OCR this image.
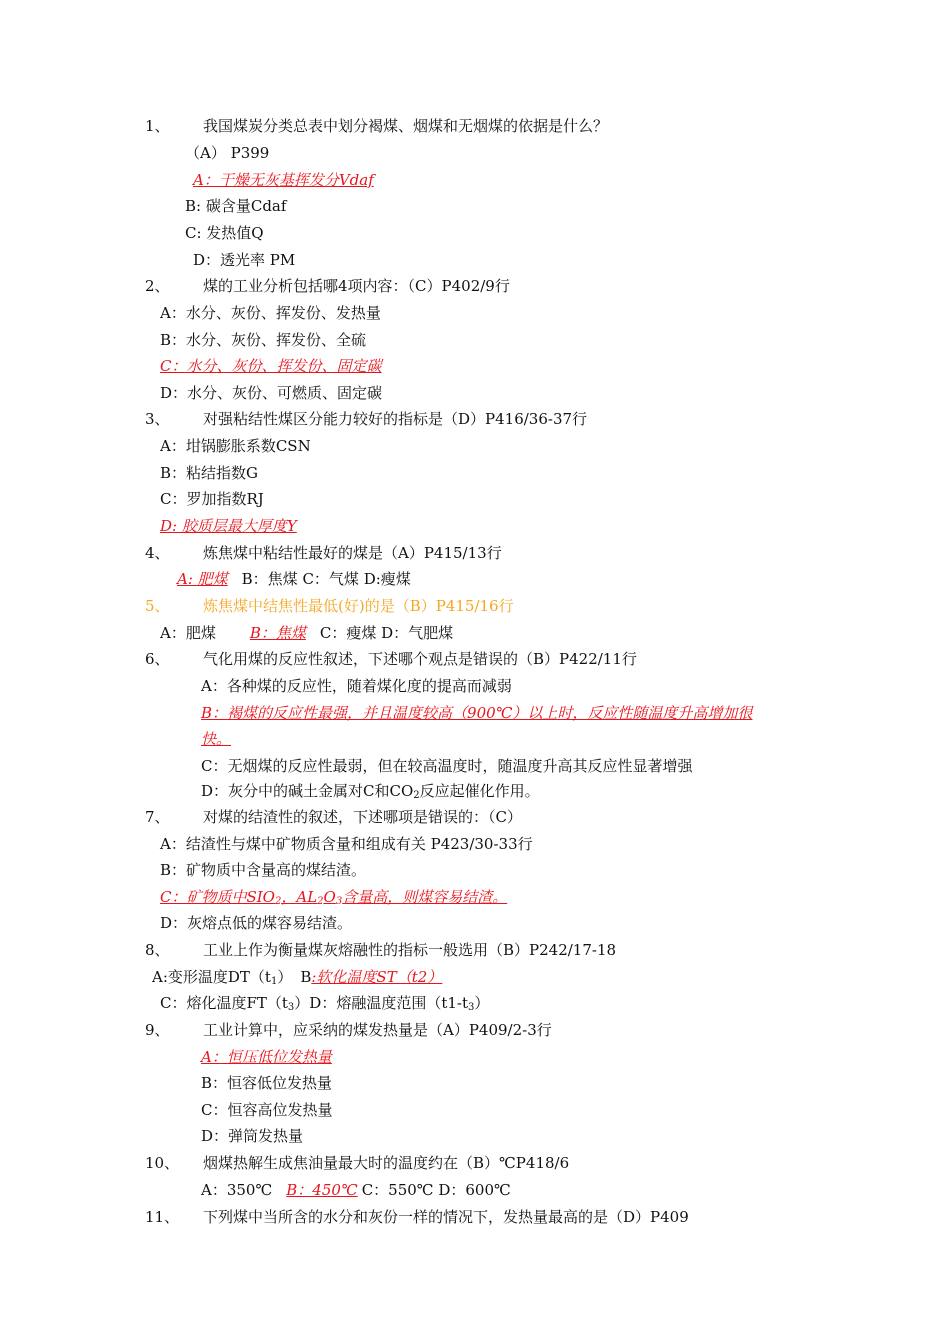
1、 我国煤炭分类总表中划分褐煤、烟煤和无烟煤的依据是什么？
（A） P399
A：干燥无灰基挥发分Vdaf
B: 碳含量Cdaf
C: 发热值Q
D：透光率 PM
2、 煤的工业分析包括哪4项内容：（C）P402/9行
A：水分、灰份、挥发份、发热量
B：水分、灰份、挥发份、全硫
C：水分、灰份、挥发份、固定碳
D：水分、灰份、可燃质、固定碳
3、 对强粘结性煤区分能力较好的指标是（D）P416/36-37行
A：坩锅膨胀系数CSN
B：粘结指数G
C：罗加指数RJ
D: 胶质层最大厚度Y
4、 炼焦煤中粘结性最好的煤是（A）P415/13行
A: 肥煤 B：焦煤 C：气煤 D:瘦煤
5、 炼焦煤中结焦性最低(好)的是（B）P415/16行
A：肥煤 B：焦煤 C：瘦煤 D：气肥煤
6、 气化用煤的反应性叙述，下述哪个观点是错误的（B）P422/11行
A：各种煤的反应性，随着煤化度的提高而减弱
B：褐煤的反应性最强，并且温度较高（900℃）以上时，反应性随温度升高增加很
快。
C：无烟煤的反应性最弱，但在较高温度时，随温度升高其反应性显著增强
D：灰分中的碱土金属对C和$CO_2$反应起催化作用。
7、 对煤的结渣性的叙述，下述哪项是错误的：（C）
A：结渣性与煤中矿物质含量和组成有关 P423/30-33行
B：矿物质中含量高的煤结渣。
C：矿物质中$SIO_2$，$AL_2O_3$含量高，则煤容易结渣。
D：灰熔点低的煤容易结渣。
8、 工业上作为衡量煤灰熔融性的指标一般选用（B）P242/17-18
A:变形温度$DT(t_1)$ B:软化温度ST（t2）
C：熔化温度$FT(t_3)D$：熔融温度范围$(t1-t_3)$
9、 工业计算中，应采纳的煤发热量是（A）P409/2-3行
A：恒压低位发热量
B：恒容低位发热量
C：恒容高位发热量
D：弹筒发热量
10、 烟煤热解生成焦油量最大时的温度约在（B）℃P418/6
A：350℃ B：450℃ C：550℃ D：600℃
11、 下列煤中当所含的水分和灰份一样的情况下，发热量最高的是（D）P409
